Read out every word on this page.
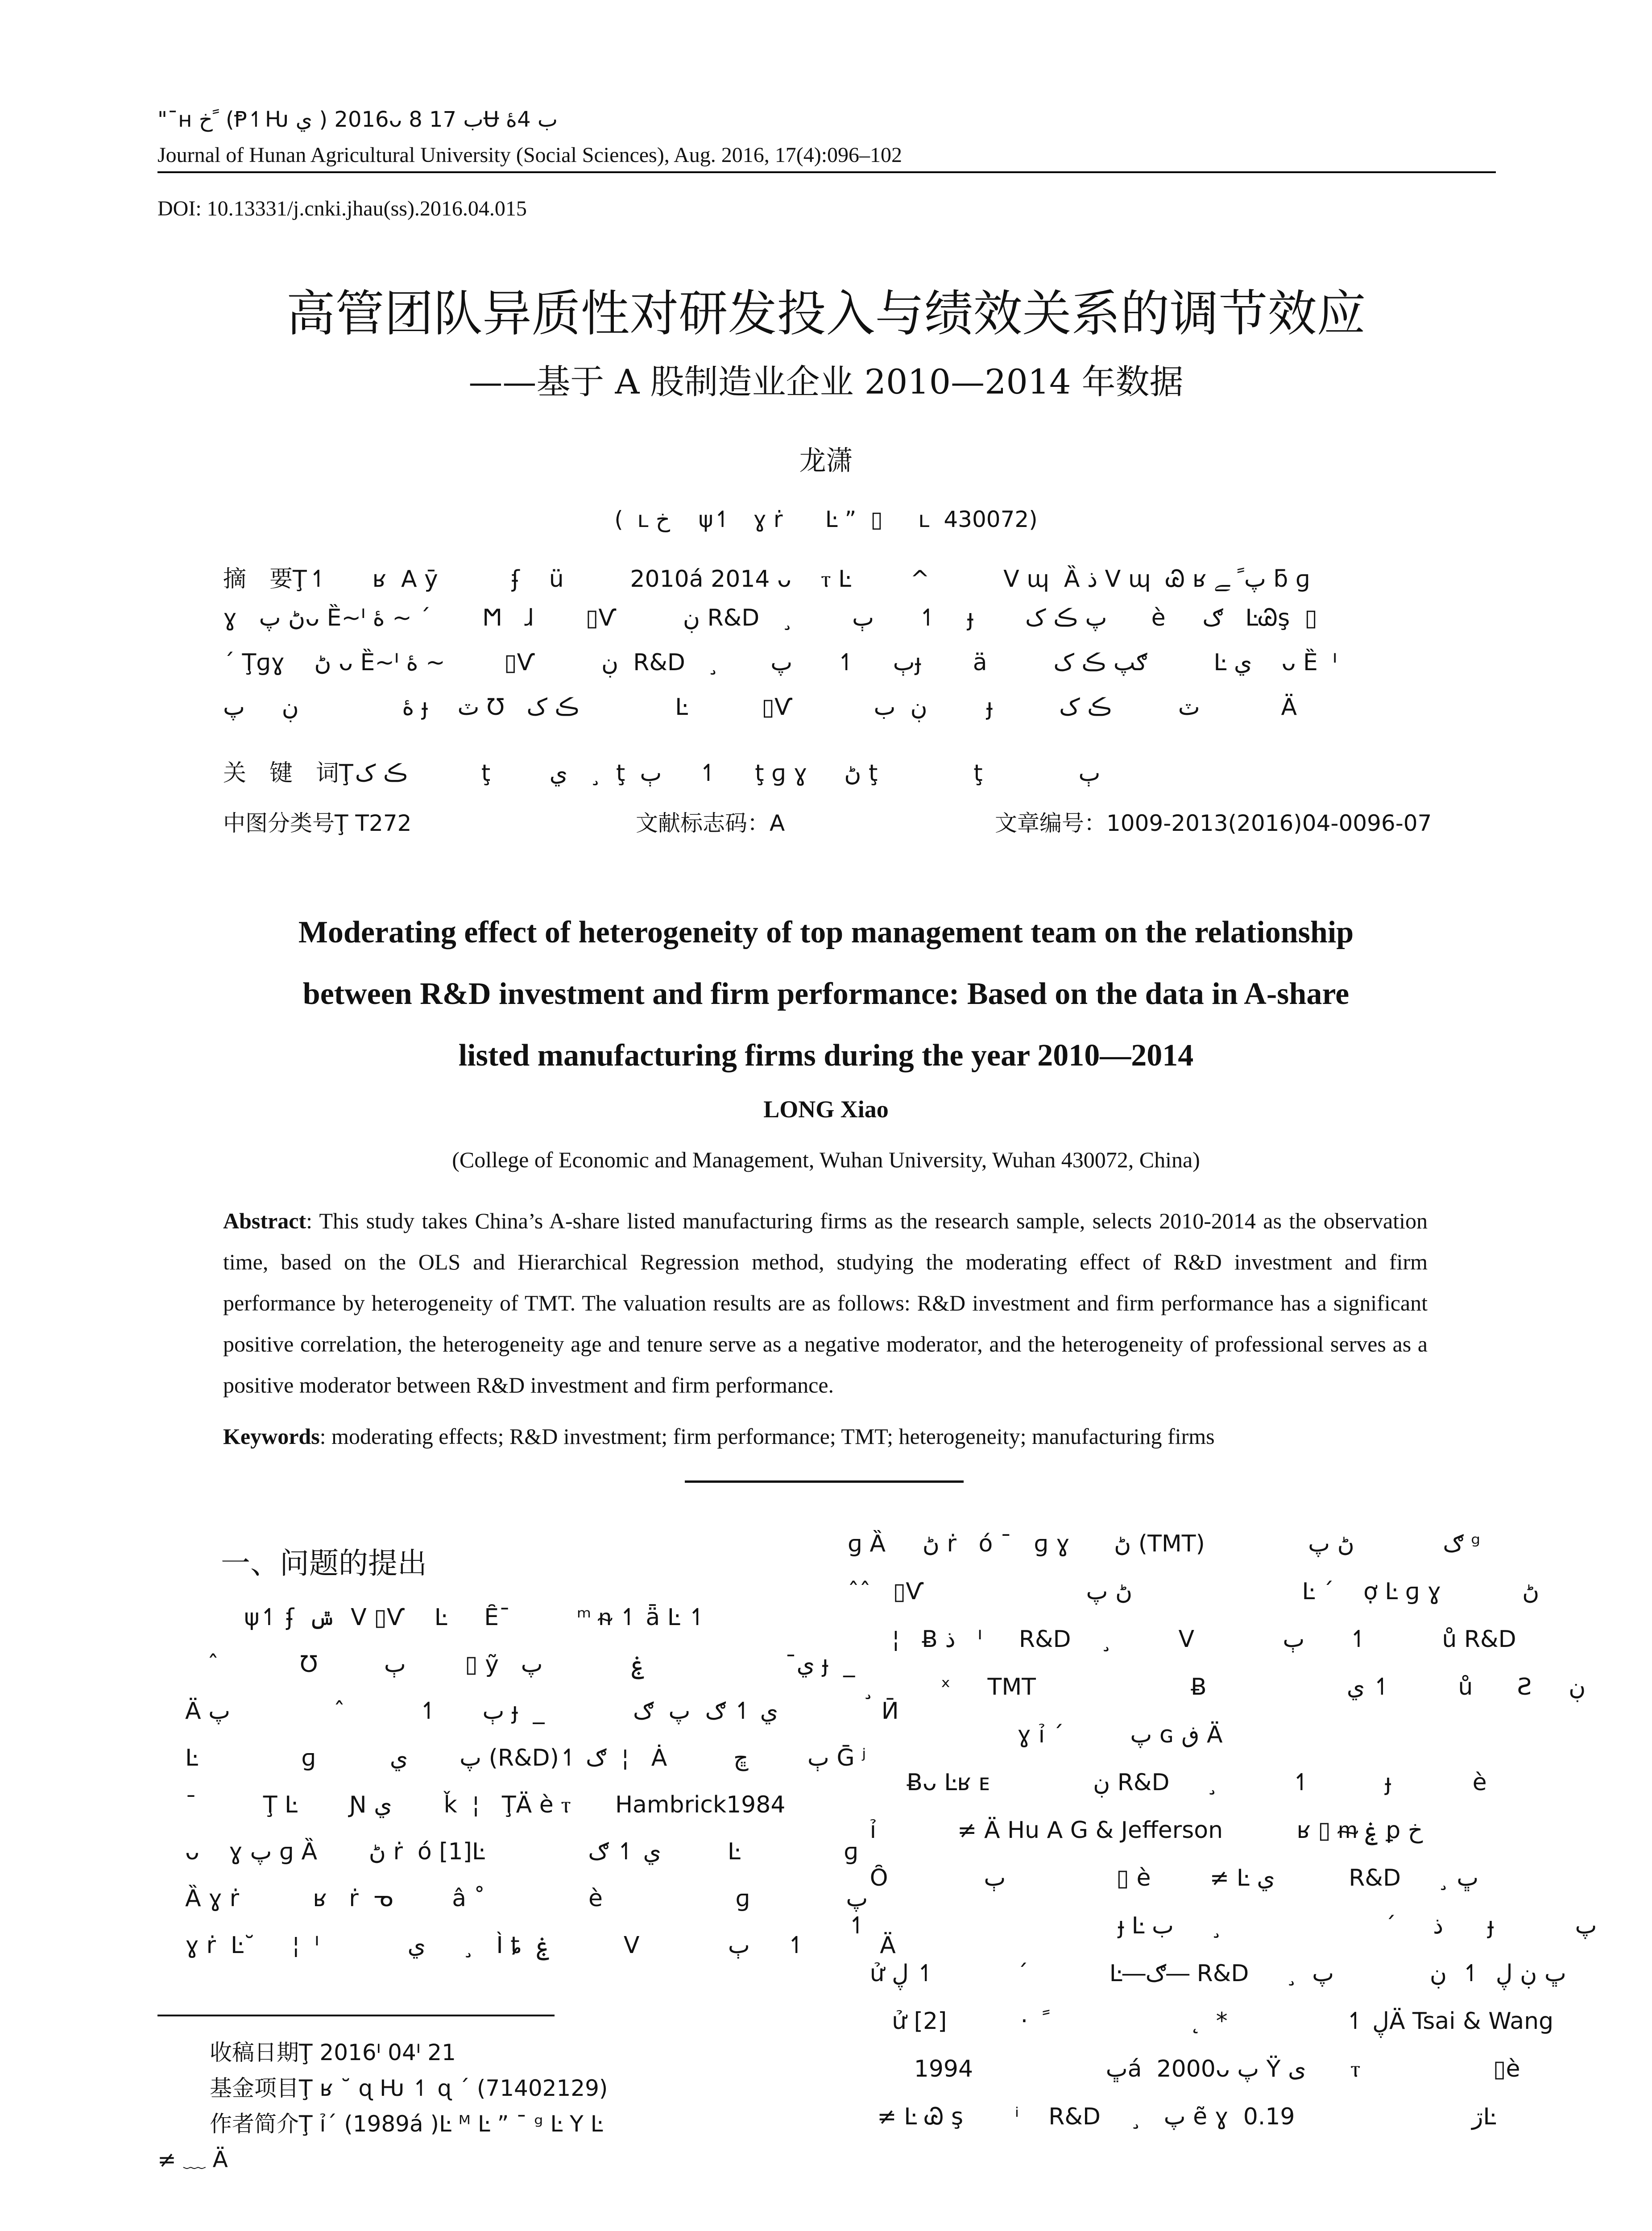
"¯ʜ خ ً (Ᵽ↿Ƕ ي ) 2016ᴗ 8 ب 17Ʉ ب 4ۀ
Journal of Hunan Agricultural University (Social Sciences), Aug. 2016, 17(4):096–102
DOI: 10.13331/j.cnki.jhau(ss).2016.04.015
高管团队异质性对研发投入与绩效关系的调节效应
——基于 A 股制造业企业 2010—2014 年数据
龙潇
(  ʟ خ    ψ↿   ɣ ṙ      Ŀ ”  ▯     ʟ  430072)
摘　要Ţ ↿      ʁ  A ȳ          ʄ    ü         2010á 2014 ᴗ    ⲧ Ŀ        ^          ᐯ ɰ  Ȁ ذ ᐯ ɰ  Ꮚ ʁ پ ً ﮯ ƃ ɡ
ɣ   ڻ پᴗ Ȅ~ᑊ ۀ ~ ´       Ϻ   ɺ       ▯Ѵ         ڹ R&D   ¸        ٻ      ↿    ɟ       پ ڪ ک      è     ګ   ĿᏊş  ▯
´ Ţɡɣ    ڻ ᴗ Ȅ~ᑊ ۀ ~        ▯Ѵ         ڹ  R&D   ¸       ٻ     ↿      پɟ       ä         ګپ ڪ ک         Ŀ ي    ᴗ Ȅ  ᑊ
ۀ              ڹ     پ ɟ    ٽ Ʊ   ڪ ک             Ŀ          ▯Ѵ           ڹ  ب        ɟ         ٽ         ڪ ک           Ä
关　键　词Ţ ڪ ک          ţ        ي   ¸  ţ  ٻ     ↿     ţ ɡ ɣ     ڻ ţ             ţ             ٻ
中图分类号Ţ T272	文献标志码：A	文章编号：1009-2013(2016)04-0096-07
Moderating effect of heterogeneity of top management team on the relationship
between R&D investment and firm performance: Based on the data in A-share
listed manufacturing firms during the year 2010—2014
LONG Xiao
(College of Economic and Management, Wuhan University, Wuhan 430072, China)
Abstract: This study takes China’s A-share listed manufacturing firms as the research sample, selects 2010-2014 as the observation time, based on the OLS and Hierarchical Regression method, studying the moderating effect of R&D investment and firm performance by heterogeneity of TMT. The valuation results are as follows: R&D investment and firm performance has a significant positive correlation, the heterogeneity age and tenure serve as a negative moderator, and the heterogeneity of professional serves as a positive moderator between R&D investment and firm performance.
Keywords: moderating effects; R&D investment; firm performance; TMT; heterogeneity; manufacturing firms
一、问题的提出
ψ↿ ʄ  ݜ  ᐯ ▯Ѵ    Ŀ     Ȇ¯         ᵐ ᵰ ↿ ǟ Ŀ ↿
ˆ           Ʊ         ٻ        ▯ ỹ   ي¯                   ۼ            پ ɟ  _
Ä ٻ      ↿          ˆ              پ ɟ  _            ي ↿ ګ  پ  ګ              Ӣ
Ŀ              ɡ          پ       ي (R&D)↿ ګ  ¦   Ȧ         ٻ        ڇ Ḡ ʲ
¯         Ţ Ŀ       Ɲ ي       ǩ  ¦   ŢÄ è ⲧ      Hambrick1984
ᴗ    ɣ پ ɡ Ȁ       ڻ ṙ  ó [1]Ŀ              ي ↿ ګ         Ŀ              ɡ
Ȁ ɣ ṙ          ʁ   ṙ  ᓀ        â ˚              è                  ɡ             پ
ɣ ṙ  Ŀ˘     ¦  ᑊ            ي     ¸   Ì ȶ  ۼ          ᐯ            ٻ     ↿          Ä
收稿日期Ţ 2016ᑊ 04ᑊ 21
基金项目Ţ ʁ ˘ ɋ Ƕ ↿ ɋ ´ (71402129)
作者简介Ţ ỉ´ (1989á )Ŀ ᴹ Ŀ ” ¯ ᵍ Ŀ Y Ŀ
≠ ﹏ Ä
ɡ Ȁ     ڻ ṙ   ó ¯   ɡ ɣ      ڻ (TMT)              ګ            ڻ پ ᵍ
ˆˆ   ▯Ѵ                      ڻ پ                       Ŀ ˊ    ợ Ŀ ɡ ɣ           ڻ
¦   Ƀ ذ   ᑊ     R&D    ¸         ᐯ            ٻ      ↿          ů R&D
¸         ˣ     TMT                     Ƀ                   ي ↿         ů      Ƨ     ڹ
ɣ ỉ ´         پ ɢ ڧ Ä
Ƀᴗ Ŀʁ ᴇ              ڹ R&D     ¸          ↿          ɟ           è
ỉ           ≠ Ä Hu A G & Jefferson          ʁ ▯ ᵯ ۼ ꝑ خ
Ȏ             ٻ               ▯ è        ≠ Ŀ ي          R&D     ¸ ڀ
↿                                  ɟ Ŀ ذ     ´                      ¸     ب      ɟ           پ
ử ڸ ↿           ´           Ŀ―ګ― R&D     ¸  ڀ ڹ ڸ  ↿  ڹ             پ
ử ڸ ↿                *  ˛                   ﹰ  ·          [2]Ä Tsai & Wang
ڀ                  1994á  2000ᴗ پ Ÿ ى      ⲧ                  ▯è
≠ Ŀ Ꮚ ş       ⁱ    R&D    ¸   پ ẽ ɣ  ڗ                        0.19Ŀ
